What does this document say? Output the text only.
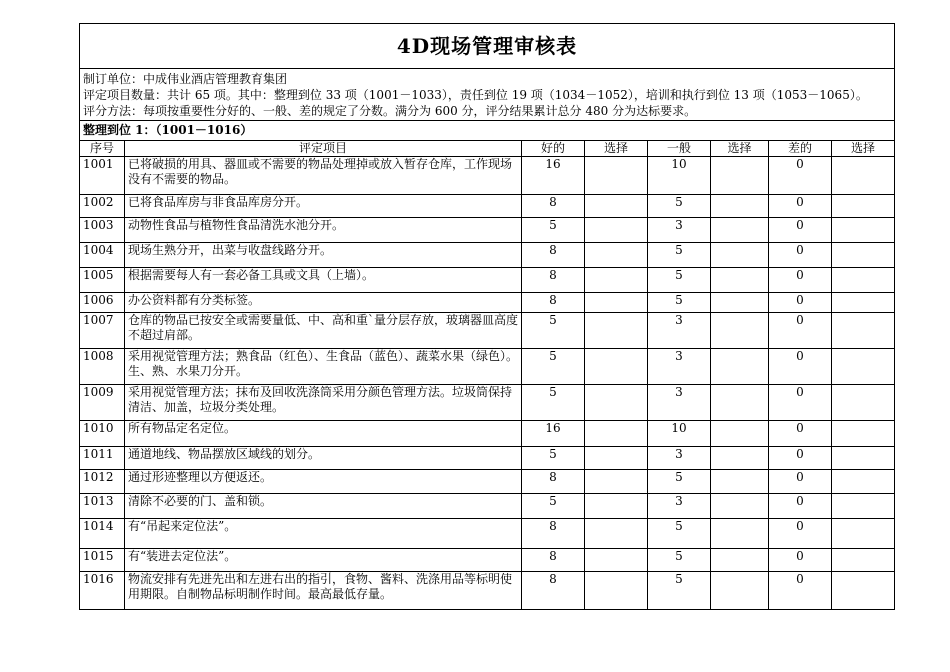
4D现场管理审核表							

制订单位：中成伟业酒店管理教育集团
评定项目数量：共计 65 项。其中：整理到位 33 项（1001－1033），责任到位 19 项（1034－1052），培训和执行到位 13 项（1053－1065）。
评分方法：每项按重要性分好的、一般、差的规定了分数。满分为 600 分，评分结果累计总分 480 分为达标要求。							

整理到位 1：（1001－1016）							
序号	评定项目	好的	选择	一般	选择	差的	选择
1001	已将破损的用具、器皿或不需要的物品处理掉或放入暂存仓库，工作现场没有不需要的物品。	16		10		0	
1002	已将食品库房与非食品库房分开。	8		5		0	
1003	动物性食品与植物性食品清洗水池分开。	5		3		0	
1004	现场生熟分开，出菜与收盘线路分开。	8		5		0	
1005	根据需要每人有一套必备工具或文具（上墙）。	8		5		0	
1006	办公资料都有分类标签。	8		5		0	
1007	仓库的物品已按安全或需要量低、中、高和重`量分层存放，玻璃器皿高度不超过肩部。	5		3		0	
1008	采用视觉管理方法；熟食品（红色）、生食品（蓝色）、蔬菜水果（绿色）。生、熟、水果刀分开。	5		3		0	
1009	采用视觉管理方法；抹布及回收洗涤筒采用分颜色管理方法。垃圾筒保持清洁、加盖，垃圾分类处理。	5		3		0	
1010	所有物品定名定位。	16		10		0	
1011	通道地线、物品摆放区域线的划分。	5		3		0	
1012	通过形迹整理以方便返还。	8		5		0	
1013	清除不必要的门、盖和锁。	5		3		0	
1014	有“吊起来定位法”。	8		5		0	
1015	有“装进去定位法”。	8		5		0	
1016	物流安排有先进先出和左进右出的指引，食物、酱料、洗涤用品等标明使用期限。自制物品标明制作时间。最高最低存量。	8		5		0	
